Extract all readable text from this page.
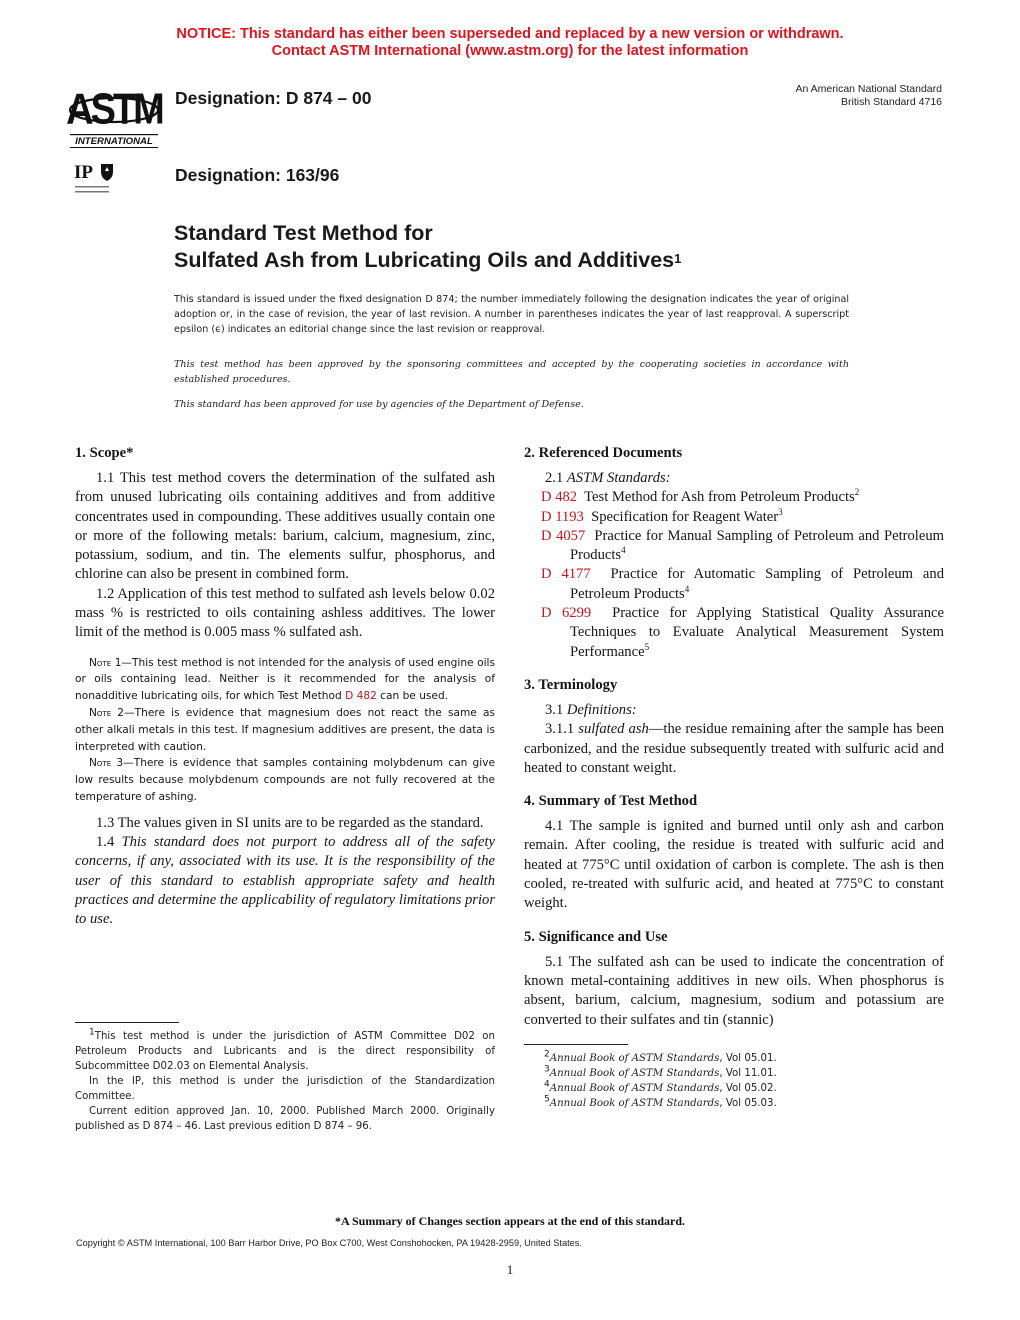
NOTICE: This standard has either been superseded and replaced by a new version or withdrawn.
Contact ASTM International (www.astm.org) for the latest information
ASTM
INTERNATIONAL
Designation: D 874 – 00
IP	Designation: 163/96
An American National Standard
British Standard 4716
Standard Test Method for
Sulfated Ash from Lubricating Oils and Additives$^1$
This standard is issued under the fixed designation D 874; the number immediately following the designation indicates the year of original adoption or, in the case of revision, the year of last revision. A number in parentheses indicates the year of last reapproval. A superscript epsilon (ϵ) indicates an editorial change since the last revision or reapproval.
This test method has been approved by the sponsoring committees and accepted by the cooperating societies in accordance with established procedures.
This standard has been approved for use by agencies of the Department of Defense.
1. Scope*

1.1 This test method covers the determination of the sulfated ash from unused lubricating oils containing additives and from additive concentrates used in compounding. These additives usually contain one or more of the following metals: barium, calcium, magnesium, zinc, potassium, sodium, and tin. The elements sulfur, phosphorus, and chlorine can also be present in combined form.

1.2 Application of this test method to sulfated ash levels below 0.02 mass % is restricted to oils containing ashless additives. The lower limit of the method is 0.005 mass % sulfated ash.

Note 1—This test method is not intended for the analysis of used engine oils or oils containing lead. Neither is it recommended for the analysis of nonadditive lubricating oils, for which Test Method D 482 can be used.

Note 2—There is evidence that magnesium does not react the same as other alkali metals in this test. If magnesium additives are present, the data is interpreted with caution.

Note 3—There is evidence that samples containing molybdenum can give low results because molybdenum compounds are not fully recovered at the temperature of ashing.

1.3 The values given in SI units are to be regarded as the standard.

1.4 This standard does not purport to address all of the safety concerns, if any, associated with its use. It is the responsibility of the user of this standard to establish appropriate safety and health practices and determine the applicability of regulatory limitations prior to use.

$^1$This test method is under the jurisdiction of ASTM Committee D02 on Petroleum Products and Lubricants and is the direct responsibility of Subcommittee D02.03 on Elemental Analysis.

In the IP, this method is under the jurisdiction of the Standardization Committee.

Current edition approved Jan. 10, 2000. Published March 2000. Originally published as D 874 – 46. Last previous edition D 874 – 96.

2. Referenced Documents

2.1 ASTM Standards:

D 482 Test Method for Ash from Petroleum Products$^2$

D 1193 Specification for Reagent Water$^3$

D 4057 Practice for Manual Sampling of Petroleum and Petroleum Products$^4$

D 4177 Practice for Automatic Sampling of Petroleum and Petroleum Products$^4$

D 6299 Practice for Applying Statistical Quality Assurance Techniques to Evaluate Analytical Measurement System Performance$^5$

3. Terminology

3.1 Definitions:

3.1.1 sulfated ash—the residue remaining after the sample has been carbonized, and the residue subsequently treated with sulfuric acid and heated to constant weight.

4. Summary of Test Method

4.1 The sample is ignited and burned until only ash and carbon remain. After cooling, the residue is treated with sulfuric acid and heated at 775°C until oxidation of carbon is complete. The ash is then cooled, re-treated with sulfuric acid, and heated at 775°C to constant weight.

5. Significance and Use

5.1 The sulfated ash can be used to indicate the concentration of known metal-containing additives in new oils. When phosphorus is absent, barium, calcium, magnesium, sodium and potassium are converted to their sulfates and tin (stannic)

$^2$Annual Book of ASTM Standards, Vol 05.01.

$^3$Annual Book of ASTM Standards, Vol 11.01.

$^4$Annual Book of ASTM Standards, Vol 05.02.

$^5$Annual Book of ASTM Standards, Vol 05.03.

*A Summary of Changes section appears at the end of this standard.
Copyright © ASTM International, 100 Barr Harbor Drive, PO Box C700, West Conshohocken, PA 19428-2959, United States.
1
